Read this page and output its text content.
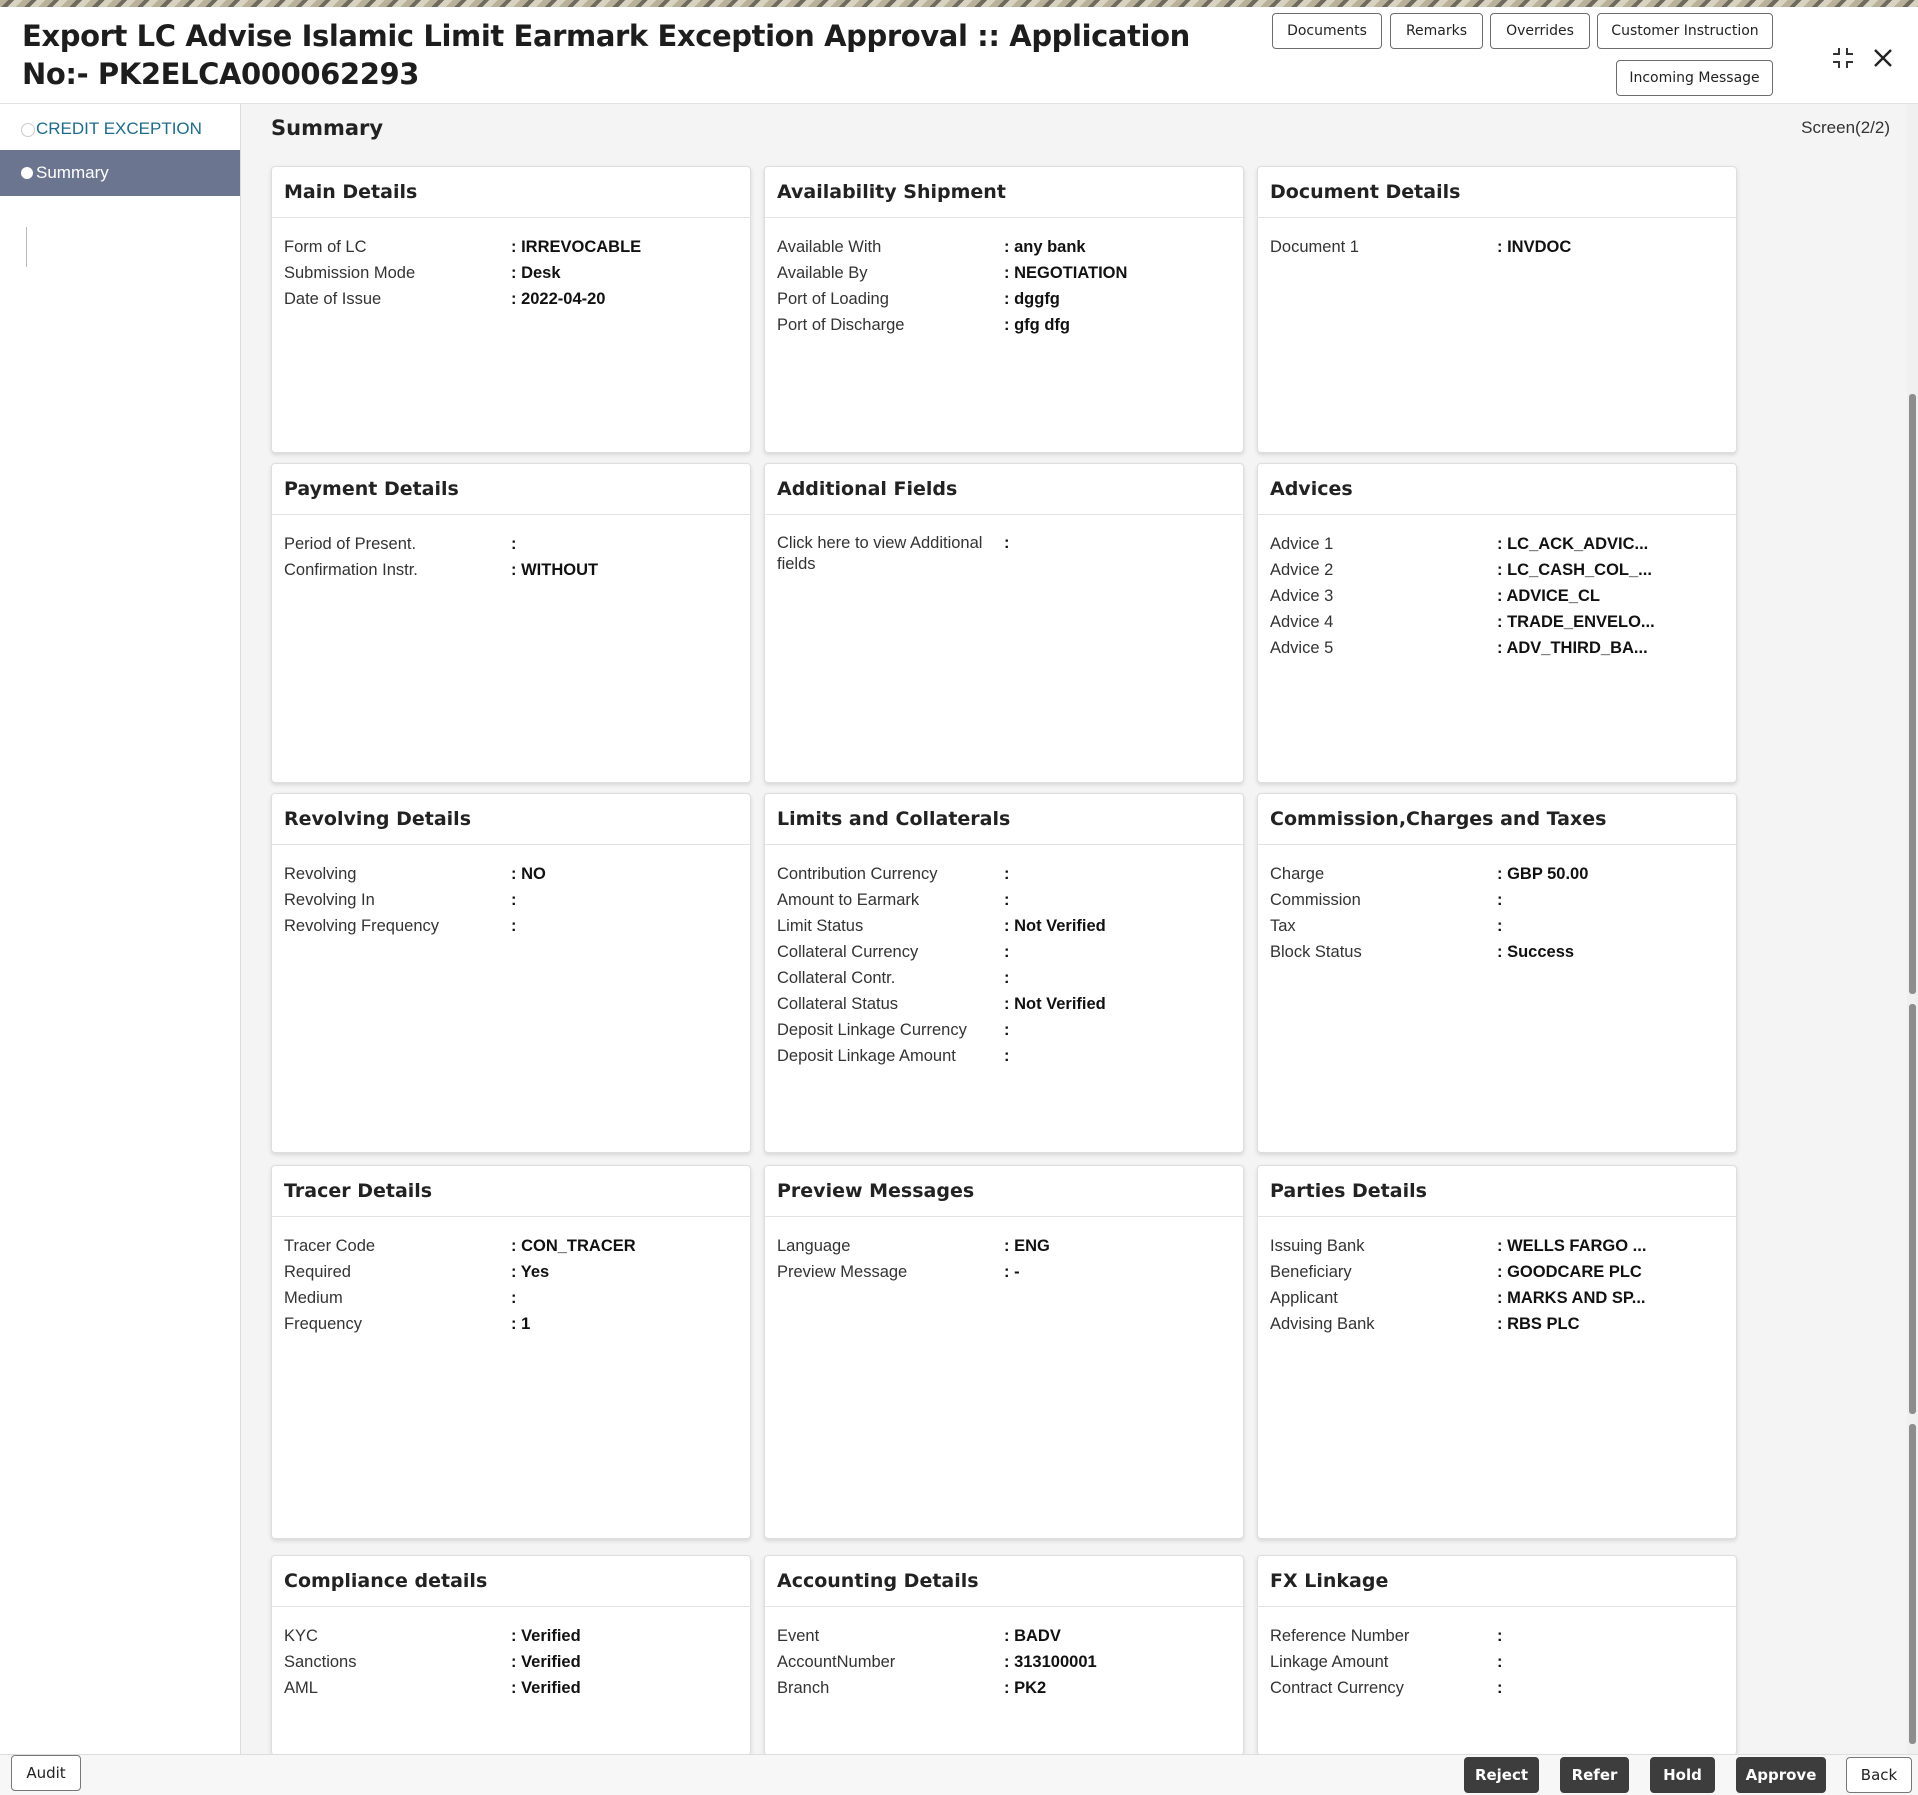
Export LC Advise Islamic Limit Earmark Exception Approval :: Application No:- PK2ELCA000062293
Documents	Remarks	Overrides	Customer Instruction
Incoming Message
CREDIT EXCEPTION
Summary
Summary	Screen(2/2)
Main Details
Form of LC	: IRREVOCABLE
Submission Mode	: Desk
Date of Issue	: 2022-04-20
Availability Shipment
Available With	: any bank
Available By	: NEGOTIATION
Port of Loading	: dggfg
Port of Discharge	: gfg dfg
Document Details
Document 1	: INVDOC
Payment Details
Period of Present.	:
Confirmation Instr.	: WITHOUT
Additional Fields
Click here to view Additional fields
:
Advices
Advice 1	: LC_ACK_ADVIC...
Advice 2	: LC_CASH_COL_...
Advice 3	: ADVICE_CL
Advice 4	: TRADE_ENVELO...
Advice 5	: ADV_THIRD_BA...
Revolving Details
Revolving	: NO
Revolving In	:
Revolving Frequency	:
Limits and Collaterals
Contribution Currency	:
Amount to Earmark	:
Limit Status	: Not Verified
Collateral Currency	:
Collateral Contr.	:
Collateral Status	: Not Verified
Deposit Linkage Currency	:
Deposit Linkage Amount	:
Commission,Charges and Taxes
Charge	: GBP 50.00
Commission	:
Tax	:
Block Status	: Success
Tracer Details
Tracer Code	: CON_TRACER
Required	: Yes
Medium	:
Frequency	: 1
Preview Messages
Language	: ENG
Preview Message	: -
Parties Details
Issuing Bank	: WELLS FARGO ...
Beneficiary	: GOODCARE PLC
Applicant	: MARKS AND SP...
Advising Bank	: RBS PLC
Compliance details
KYC	: Verified
Sanctions	: Verified
AML	: Verified
Accounting Details
Event	: BADV
AccountNumber	: 313100001
Branch	: PK2
FX Linkage
Reference Number	:
Linkage Amount	:
Contract Currency	:
Audit	Reject	Refer	Hold	Approve	Back
